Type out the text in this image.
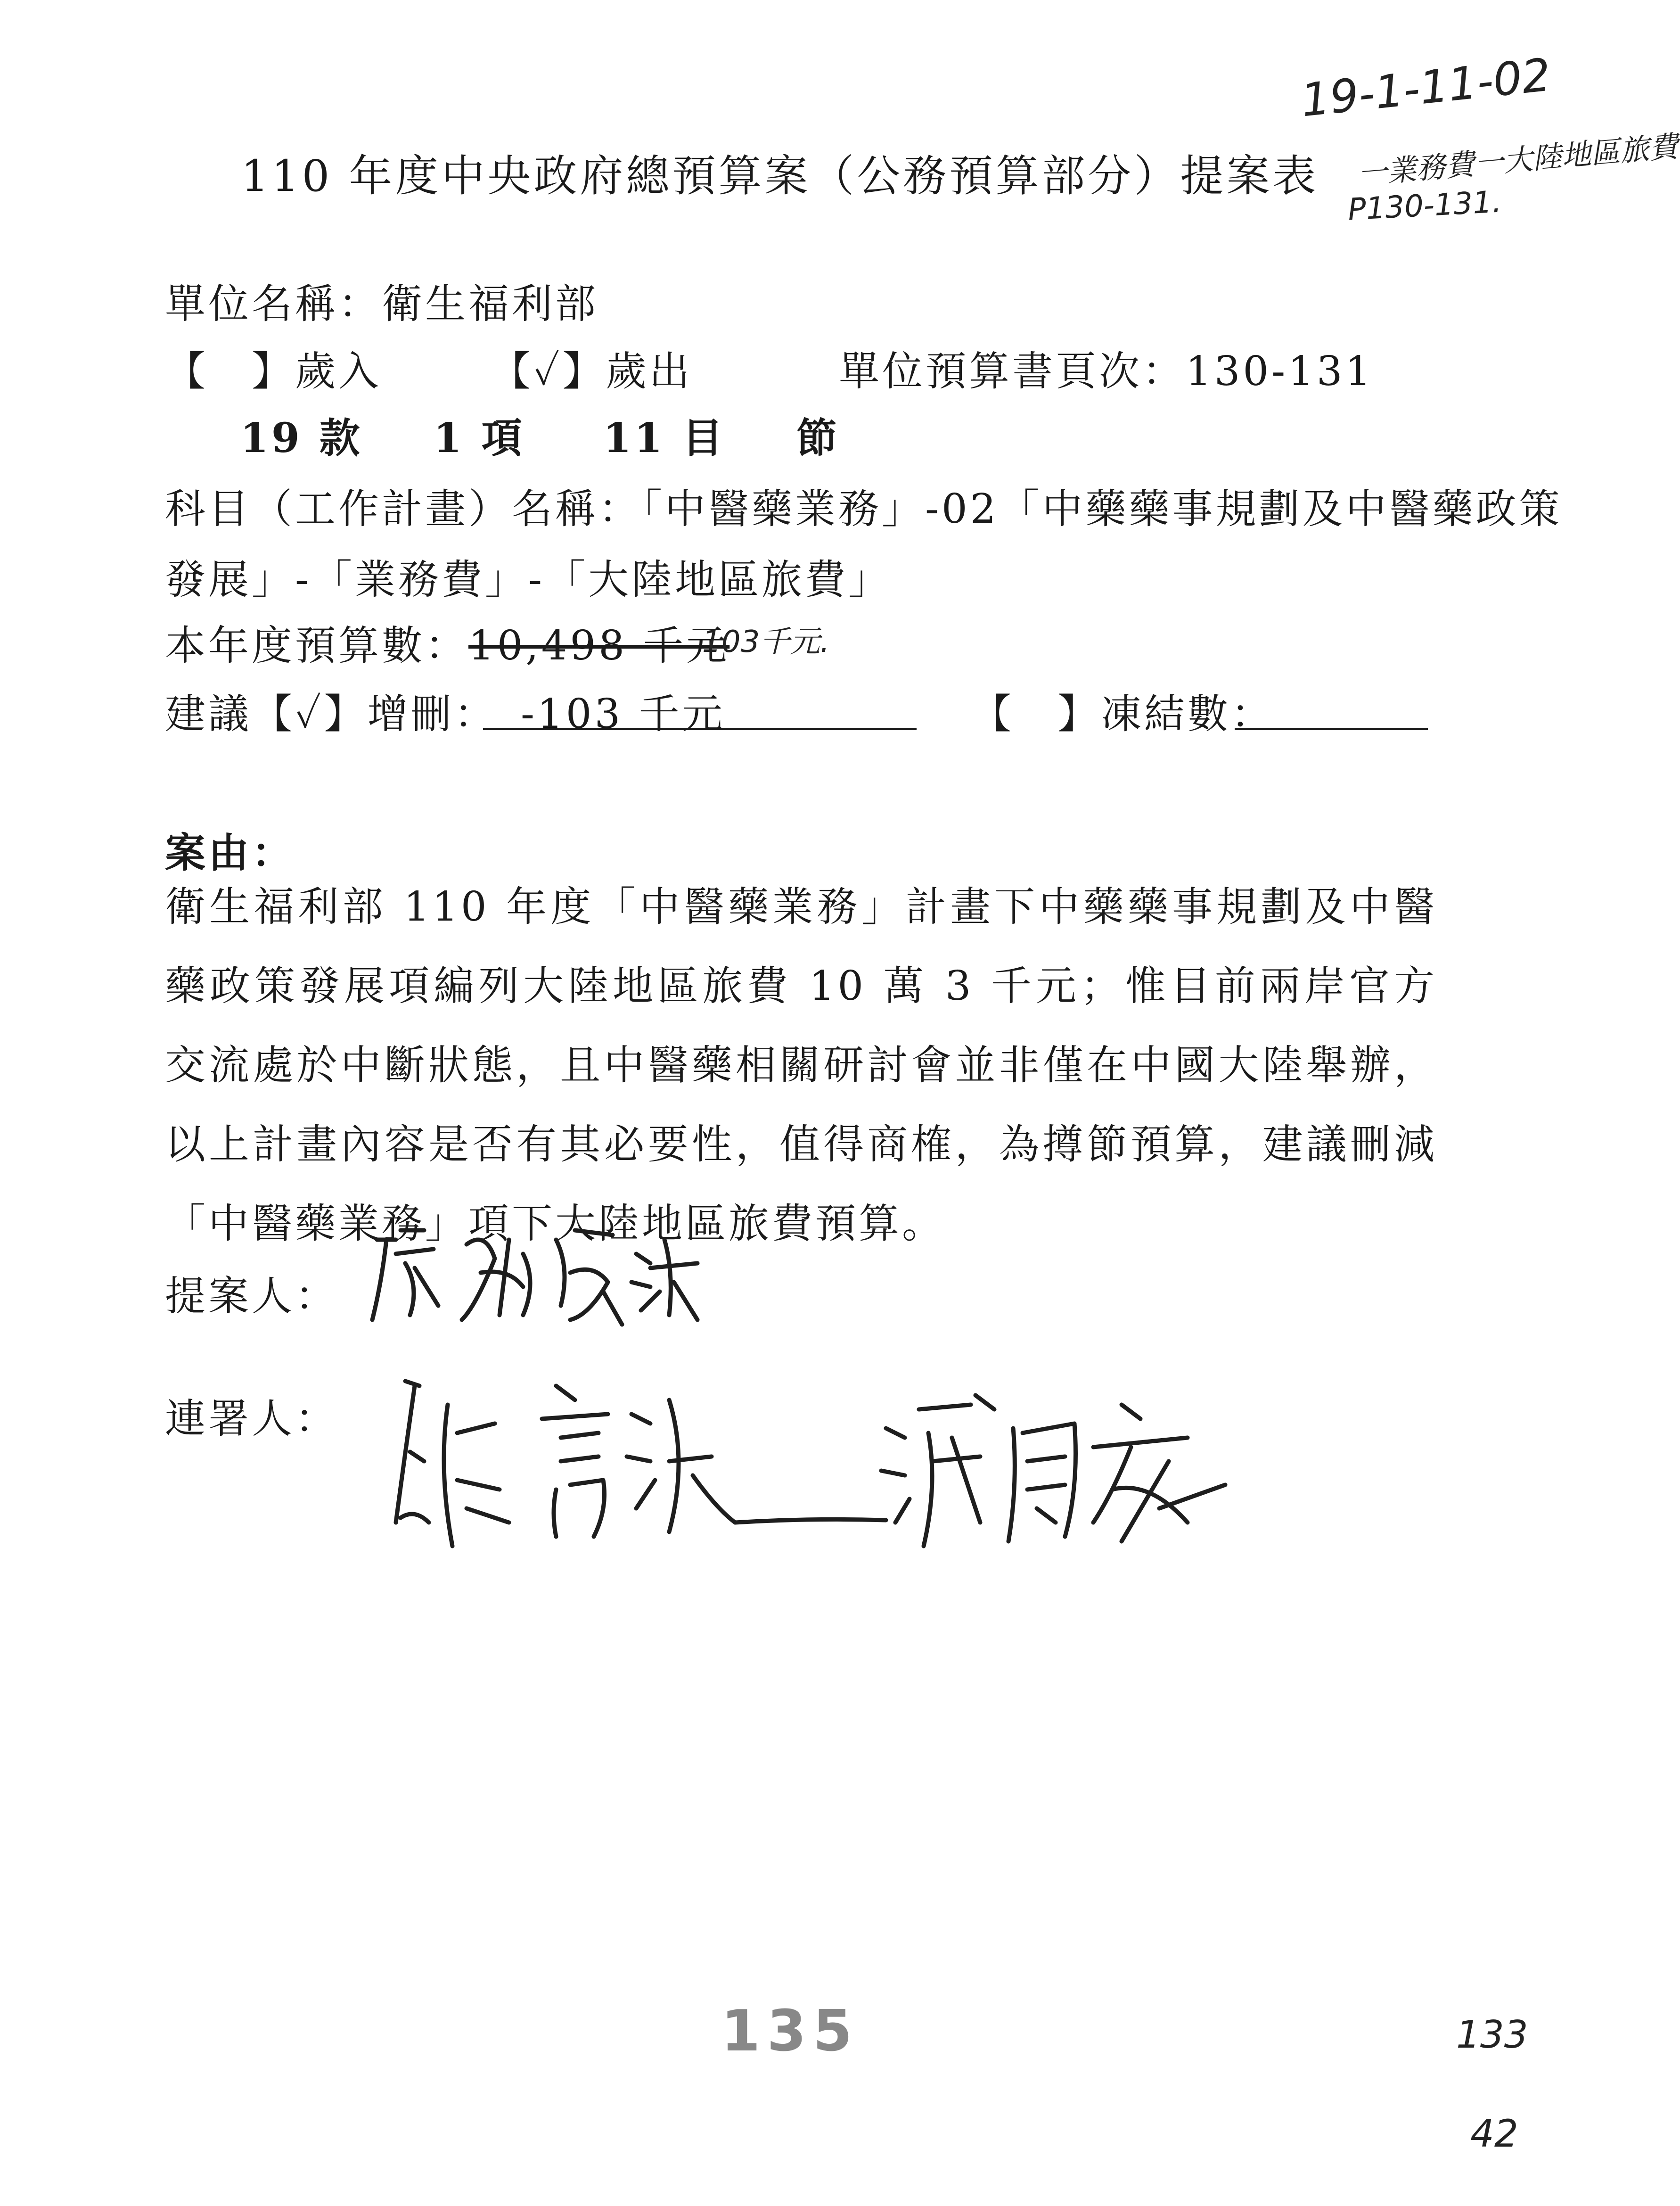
19-1-11-02
一業務費一大陸地區旅費
P130-131.
110 年度中央政府總預算案（公務預算部分）提案表
單位名稱：衛生福利部
【　】歲入	【✓】歲出	單位預算書頁次：130-131
19 款 1 項 11 目 節
科目（工作計畫）名稱：「中醫藥業務」-02「中藥藥事規劃及中醫藥政策
發展」-「業務費」-「大陸地區旅費」
本年度預算數：10,498 千元
103千元.
建議【✓】增刪： -103 千元	【　】凍結數：
案由：
衛生福利部 110 年度「中醫藥業務」計畫下中藥藥事規劃及中醫藥政策發展項編列大陸地區旅費 10 萬 3 千元；惟目前兩岸官方交流處於中斷狀態，且中醫藥相關研討會並非僅在中國大陸舉辦，以上計畫內容是否有其必要性，值得商榷，為撙節預算，建議刪減「中醫藥業務」項下大陸地區旅費預算。
提案人：
連署人：
135	133
42
